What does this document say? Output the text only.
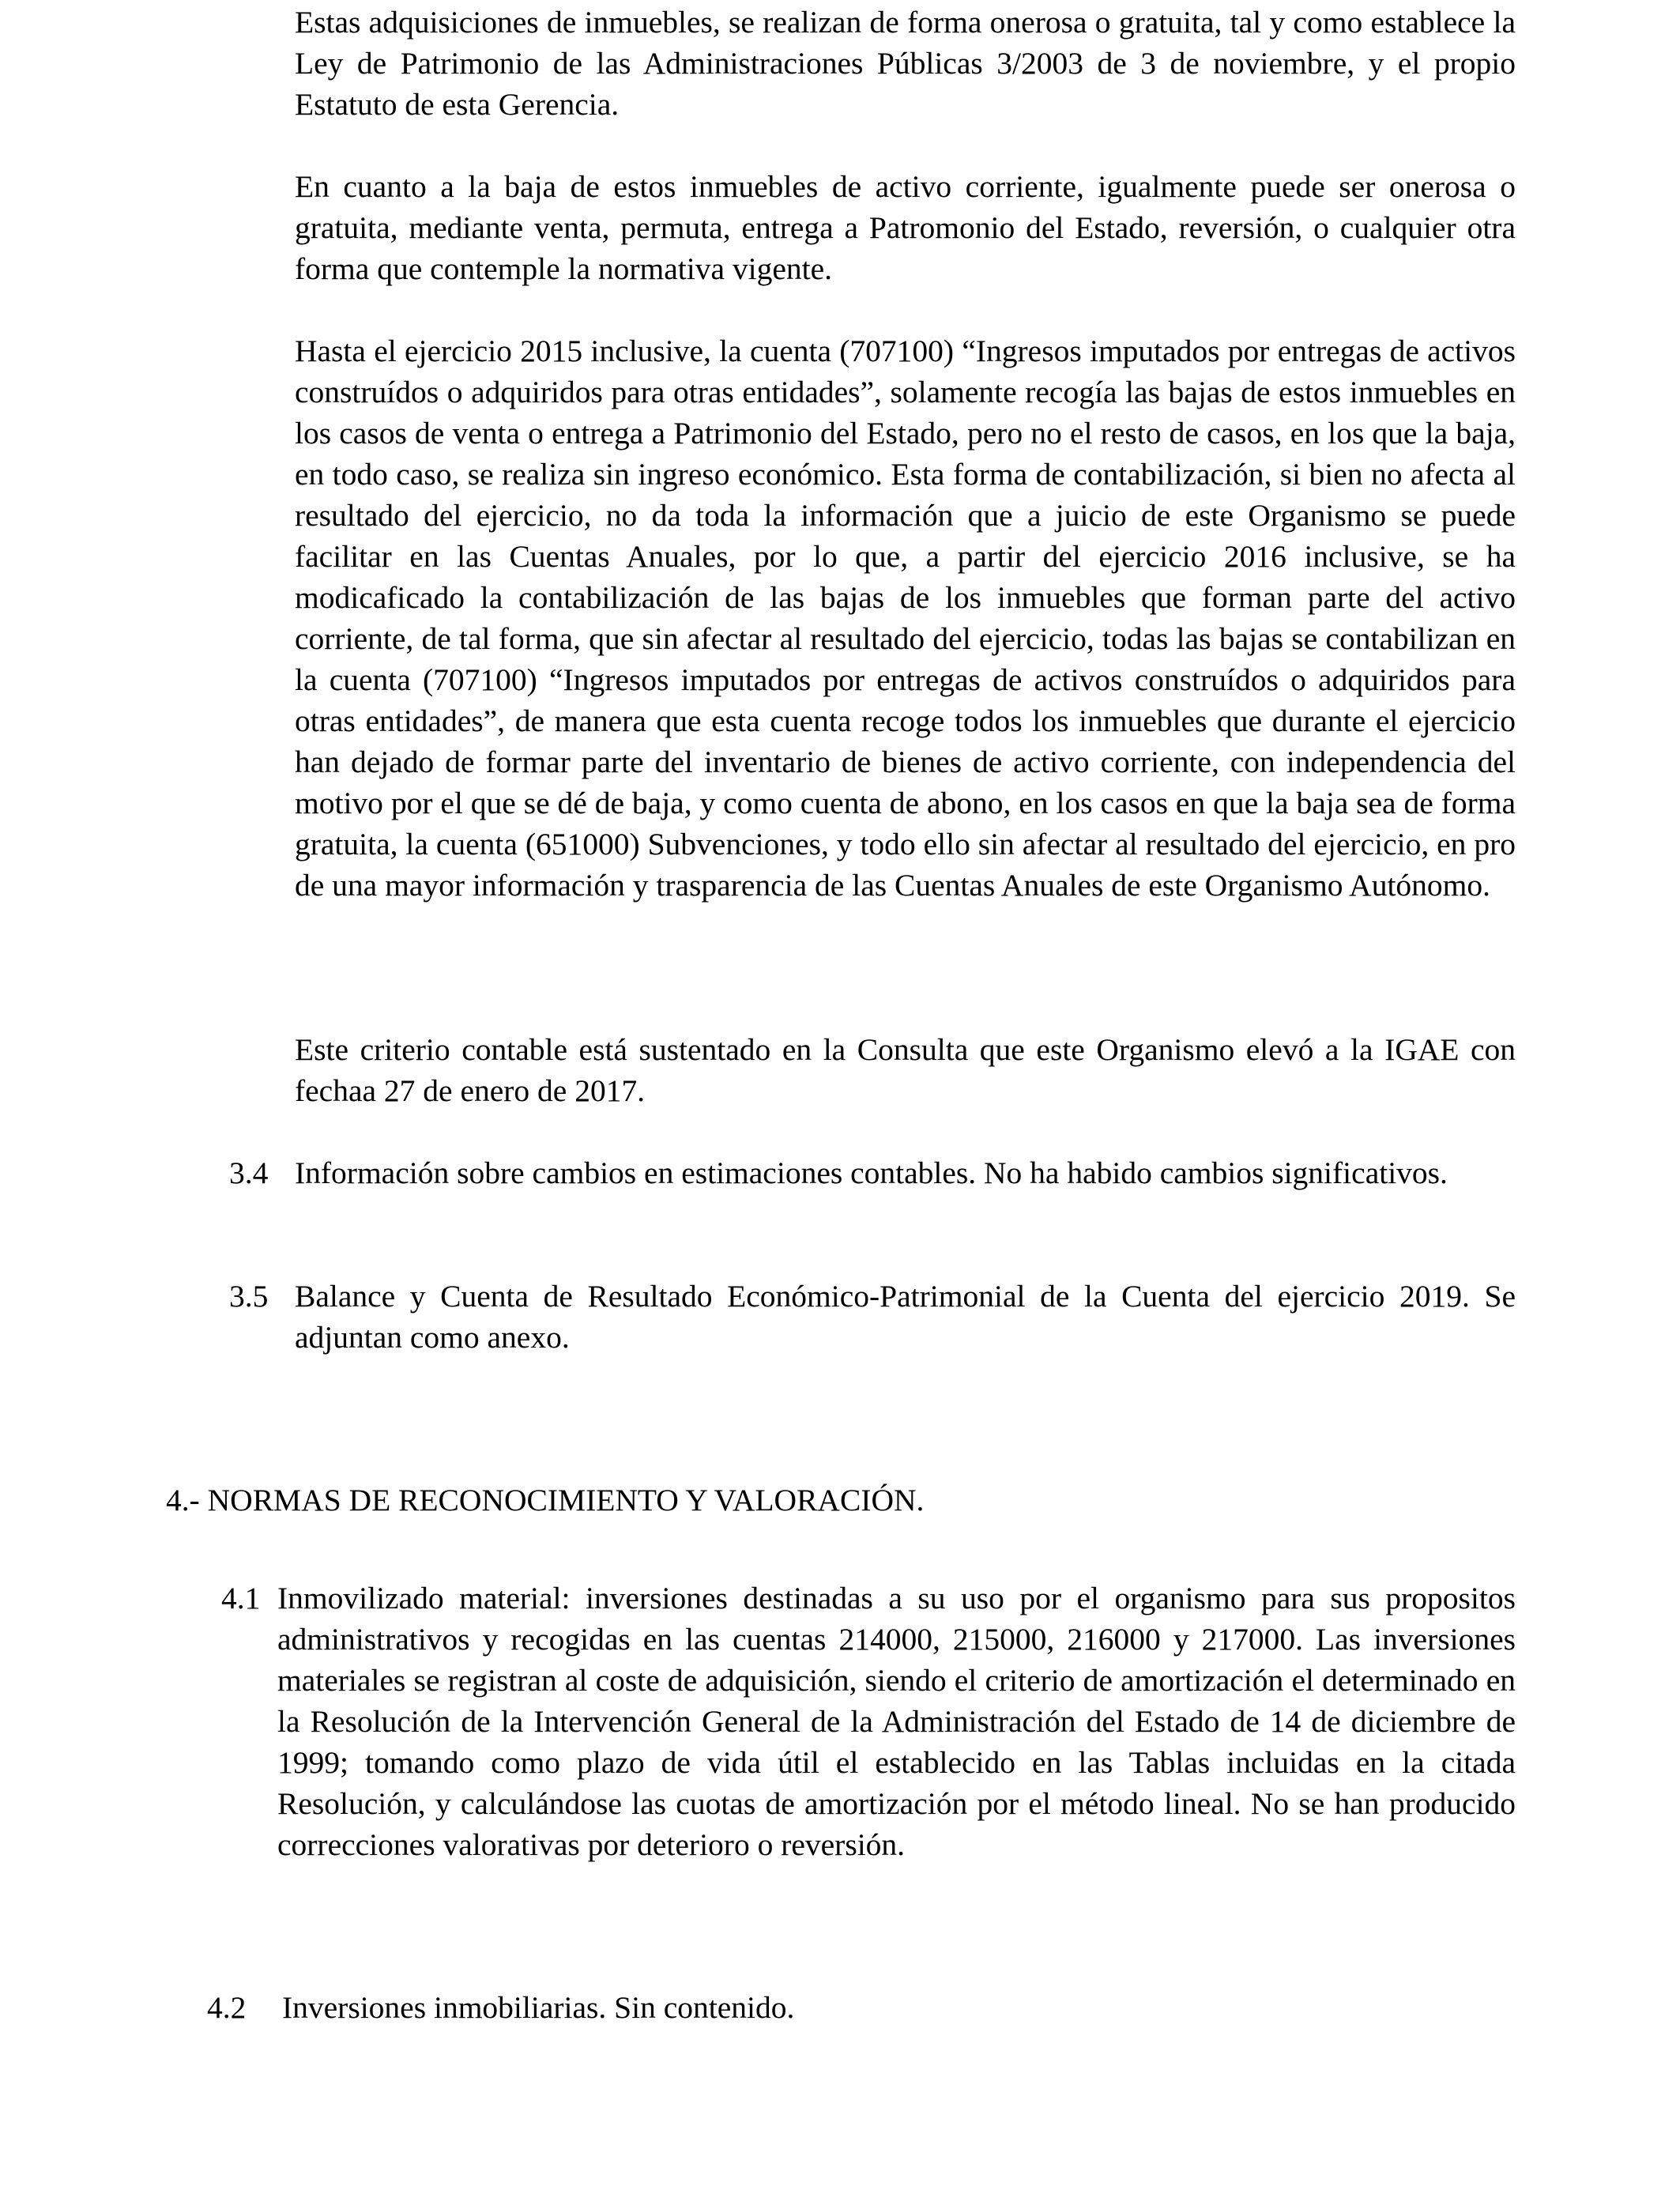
Estas adquisiciones de inmuebles, se realizan de forma onerosa o gratuita, tal y como establece la Ley de Patrimonio de las Administraciones Públicas 3/2003 de 3 de noviembre, y el propio Estatuto de esta Gerencia.

En cuanto a la baja de estos inmuebles de activo corriente, igualmente puede ser onerosa o gratuita, mediante venta, permuta, entrega a Patromonio del Estado, reversión, o cualquier otra forma que contemple la normativa vigente.

Hasta el ejercicio 2015 inclusive, la cuenta (707100) “Ingresos imputados por entregas de activos construídos o adquiridos para otras entidades”, solamente recogía las bajas de estos inmuebles en los casos de venta o entrega a Patrimonio del Estado, pero no el resto de casos, en los que la baja, en todo caso, se realiza sin ingreso económico. Esta forma de contabilización, si bien no afecta al resultado del ejercicio, no da toda la información que a juicio de este Organismo se puede facilitar en las Cuentas Anuales, por lo que, a partir del ejercicio 2016 inclusive, se ha modicaficado la contabilización de las bajas de los inmuebles que forman parte del activo corriente, de tal forma, que sin afectar al resultado del ejercicio, todas las bajas se contabilizan en la cuenta (707100) “Ingresos imputados por entregas de activos construídos o adquiridos para otras entidades”, de manera que esta cuenta recoge todos los inmuebles que durante el ejercicio han dejado de formar parte del inventario de bienes de activo corriente, con independencia del motivo por el que se dé de baja, y como cuenta de abono, en los casos en que la baja sea de forma gratuita, la cuenta (651000) Subvenciones, y todo ello sin afectar al resultado del ejercicio, en pro de una mayor información y trasparencia de las Cuentas Anuales de este Organismo Autónomo.

Este criterio contable está sustentado en la Consulta que este Organismo elevó a la IGAE con fechaa 27 de enero de 2017.

3.4 Información sobre cambios en estimaciones contables. No ha habido cambios significativos.
3.5 Balance y Cuenta de Resultado Económico-Patrimonial de la Cuenta del ejercicio 2019. Se adjuntan como anexo.
4.- NORMAS DE RECONOCIMIENTO Y VALORACIÓN.
4.1 Inmovilizado material: inversiones destinadas a su uso por el organismo para sus propositos administrativos y recogidas en las cuentas 214000, 215000, 216000 y 217000. Las inversiones materiales se registran al coste de adquisición, siendo el criterio de amortización el determinado en la Resolución de la Intervención General de la Administración del Estado de 14 de diciembre de 1999; tomando como plazo de vida útil el establecido en las Tablas incluidas en la citada Resolución, y calculándose las cuotas de amortización por el método lineal. No se han producido correcciones valorativas por deterioro o reversión.
4.2	Inversiones inmobiliarias. Sin contenido.
